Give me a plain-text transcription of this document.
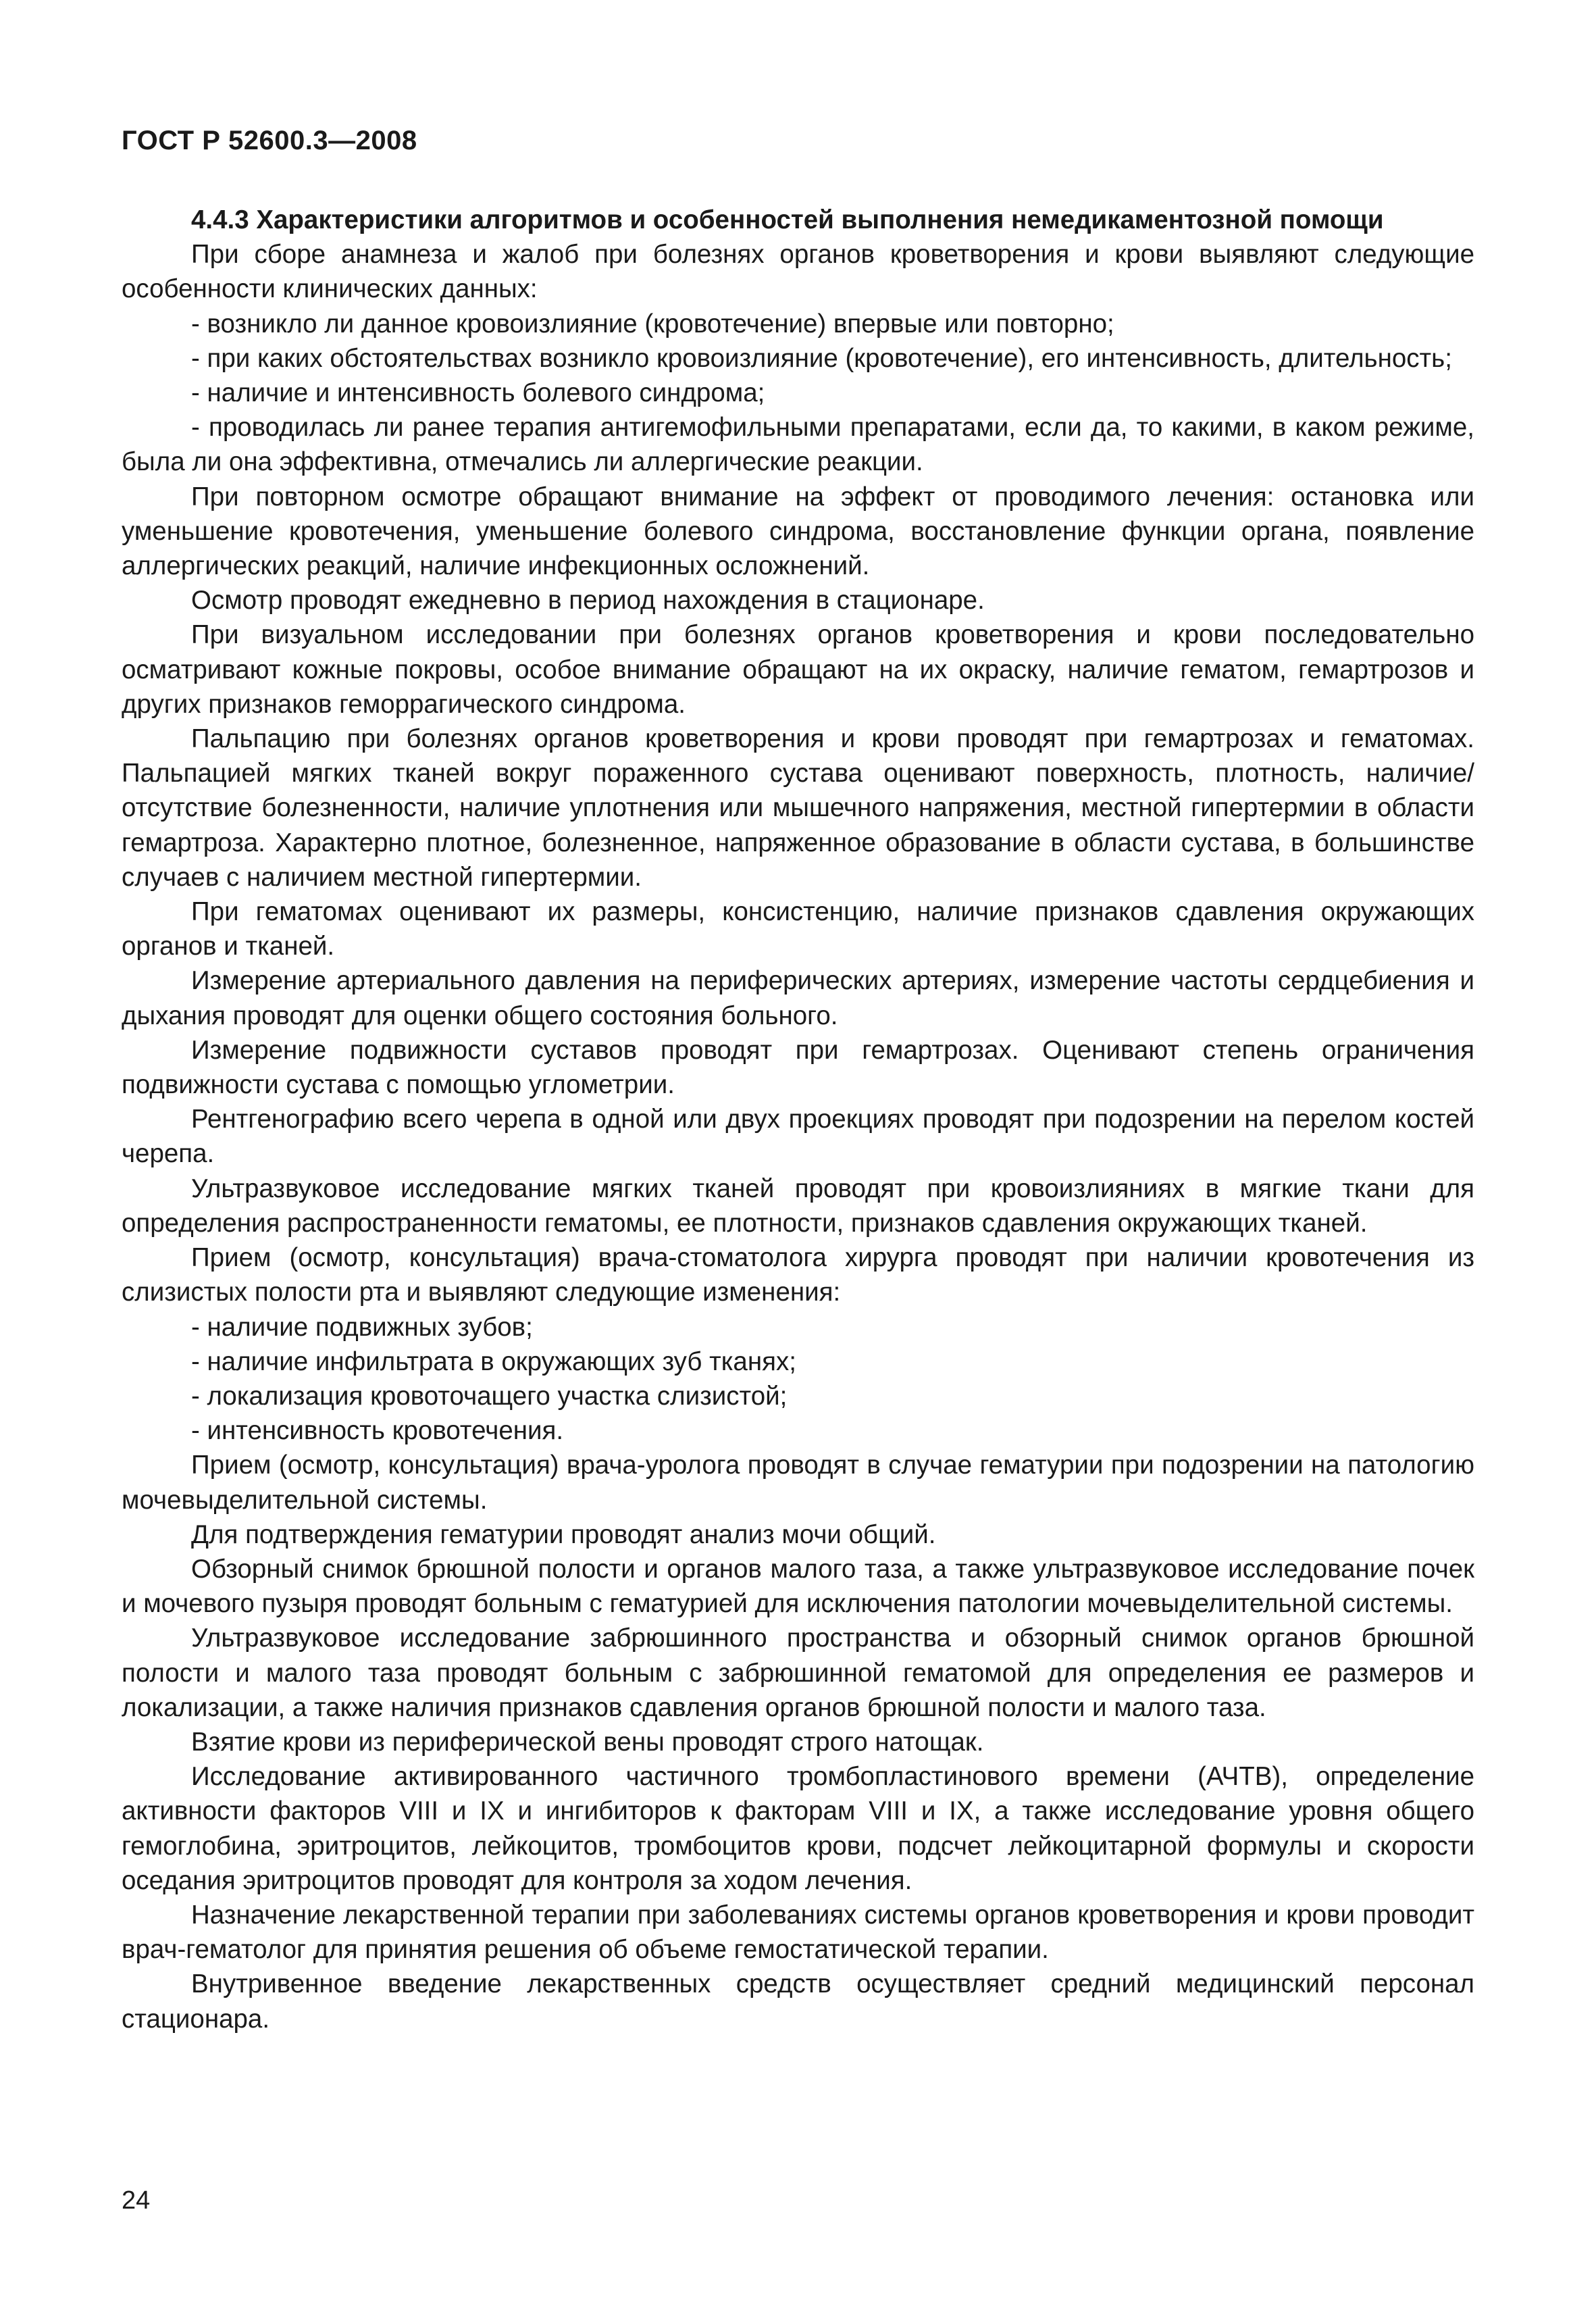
ГОСТ Р 52600.3—2008

4.4.3 Характеристики алгоритмов и особенностей выполнения немедикаментозной помощи

При сборе анамнеза и жалоб при болезнях органов кроветворения и крови выявляют следующие особенности клинических данных:

- возникло ли данное кровоизлияние (кровотечение) впервые или повторно;

- при каких обстоятельствах возникло кровоизлияние (кровотечение), его интенсивность, длительность;

- наличие и интенсивность болевого синдрома;

- проводилась ли ранее терапия антигемофильными препаратами, если да, то какими, в каком режиме, была ли она эффективна, отмечались ли аллергические реакции.

При повторном осмотре обращают внимание на эффект от проводимого лечения: остановка или уменьшение кровотечения, уменьшение болевого синдрома, восстановление функции органа, появление аллергических реакций, наличие инфекционных осложнений.

Осмотр проводят ежедневно в период нахождения в стационаре.

При визуальном исследовании при болезнях органов кроветворения и крови последовательно осматривают кожные покровы, особое внимание обращают на их окраску, наличие гематом, гемартрозов и других признаков геморрагического синдрома.

Пальпацию при болезнях органов кроветворения и крови проводят при гемартрозах и гематомах. Пальпацией мягких тканей вокруг пораженного сустава оценивают поверхность, плотность, наличие/отсутствие болезненности, наличие уплотнения или мышечного напряжения, местной гипертермии в области гемартроза. Характерно плотное, болезненное, напряженное образование в области сустава, в большинстве случаев с наличием местной гипертермии.

При гематомах оценивают их размеры, консистенцию, наличие признаков сдавления окружающих органов и тканей.

Измерение артериального давления на периферических артериях, измерение частоты сердцебиения и дыхания проводят для оценки общего состояния больного.

Измерение подвижности суставов проводят при гемартрозах. Оценивают степень ограничения подвижности сустава с помощью углометрии.

Рентгенографию всего черепа в одной или двух проекциях проводят при подозрении на перелом костей черепа.

Ультразвуковое исследование мягких тканей проводят при кровоизлияниях в мягкие ткани для определения распространенности гематомы, ее плотности, признаков сдавления окружающих тканей.

Прием (осмотр, консультация) врача-стоматолога хирурга проводят при наличии кровотечения из слизистых полости рта и выявляют следующие изменения:

- наличие подвижных зубов;

- наличие инфильтрата в окружающих зуб тканях;

- локализация кровоточащего участка слизистой;

- интенсивность кровотечения.

Прием (осмотр, консультация) врача-уролога проводят в случае гематурии при подозрении на патологию мочевыделительной системы.

Для подтверждения гематурии проводят анализ мочи общий.

Обзорный снимок брюшной полости и органов малого таза, а также ультразвуковое исследование почек и мочевого пузыря проводят больным с гематурией для исключения патологии мочевыделительной системы.

Ультразвуковое исследование забрюшинного пространства и обзорный снимок органов брюшной полости и малого таза проводят больным с забрюшинной гематомой для определения ее размеров и локализации, а также наличия признаков сдавления органов брюшной полости и малого таза.

Взятие крови из периферической вены проводят строго натощак.

Исследование активированного частичного тромбопластинового времени (АЧТВ), определение активности факторов VIII и IX и ингибиторов к факторам VIII и IX, а также исследование уровня общего гемоглобина, эритроцитов, лейкоцитов, тромбоцитов крови, подсчет лейкоцитарной формулы и скорости оседания эритроцитов проводят для контроля за ходом лечения.

Назначение лекарственной терапии при заболеваниях системы органов кроветворения и крови проводит врач-гематолог для принятия решения об объеме гемостатической терапии.

Внутривенное введение лекарственных средств осуществляет средний медицинский персонал стационара.

24
